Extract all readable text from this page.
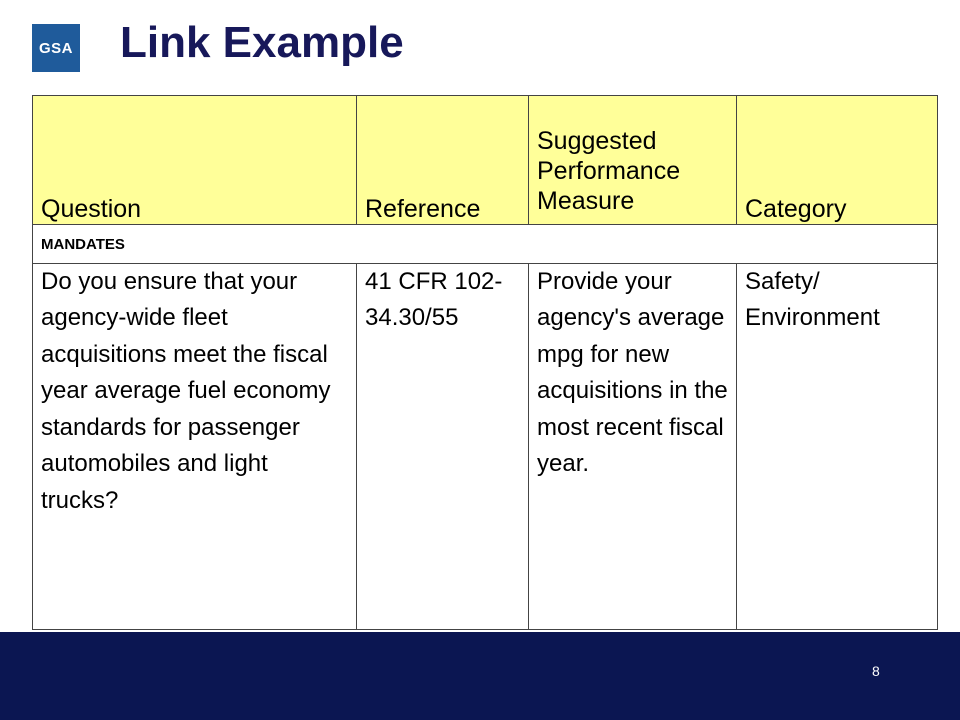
GSA Link Example
Question	Reference	Suggested Performance Measure	Category
MANDATES			
Do you ensure that your agency-wide fleet acquisitions meet the fiscal year average fuel economy standards for passenger automobiles and light trucks?	41 CFR 102-34.30/55	Provide your agency's average mpg for new acquisitions in the most recent fiscal year.	Safety/ Environment
8
